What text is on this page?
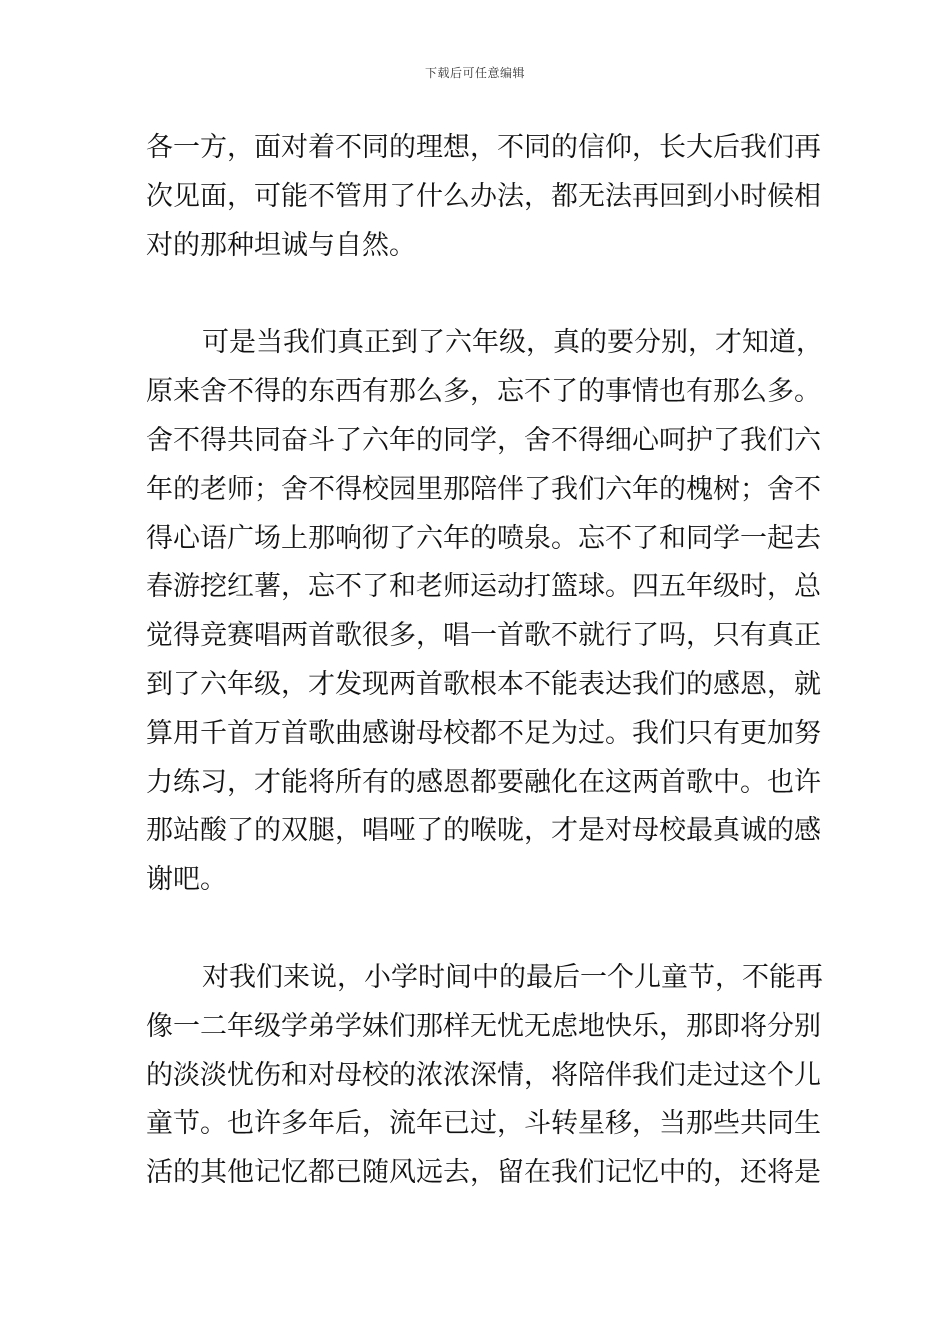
下载后可任意编辑

各一方，面对着不同的理想，不同的信仰，长大后我们再
次见面，可能不管用了什么办法，都无法再回到小时候相
对的那种坦诚与自然。

可是当我们真正到了六年级，真的要分别，才知道，
原来舍不得的东西有那么多，忘不了的事情也有那么多。
舍不得共同奋斗了六年的同学，舍不得细心呵护了我们六
年的老师；舍不得校园里那陪伴了我们六年的槐树；舍不
得心语广场上那响彻了六年的喷泉。忘不了和同学一起去
春游挖红薯，忘不了和老师运动打篮球。四五年级时，总
觉得竞赛唱两首歌很多，唱一首歌不就行了吗，只有真正
到了六年级，才发现两首歌根本不能表达我们的感恩，就
算用千首万首歌曲感谢母校都不足为过。我们只有更加努
力练习，才能将所有的感恩都要融化在这两首歌中。也许
那站酸了的双腿，唱哑了的喉咙，才是对母校最真诚的感
谢吧。

对我们来说，小学时间中的最后一个儿童节，不能再
像一二年级学弟学妹们那样无忧无虑地快乐，那即将分别
的淡淡忧伤和对母校的浓浓深情，将陪伴我们走过这个儿
童节。也许多年后，流年已过，斗转星移，当那些共同生
活的其他记忆都已随风远去，留在我们记忆中的，还将是
